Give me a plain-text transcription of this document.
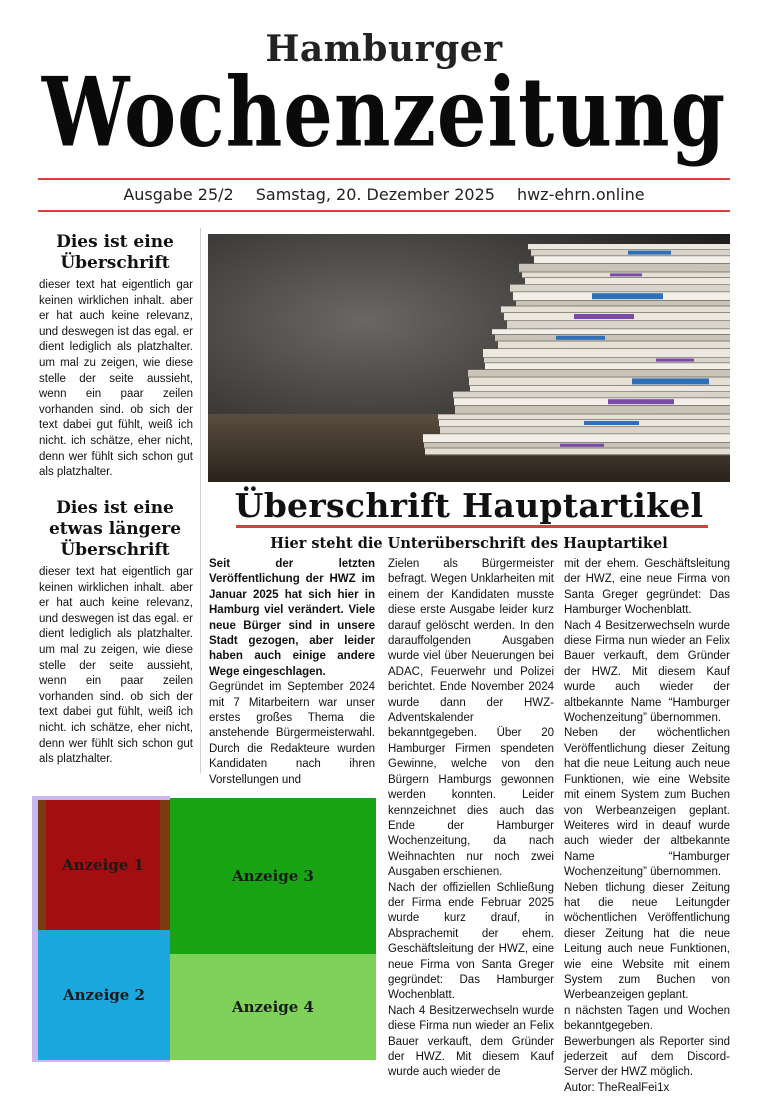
Hamburger
Wochenzeitung
Ausgabe 25/2 Samstag, 20. Dezember 2025 hwz-ehrn.online
Dies ist eine Überschrift
dieser text hat eigentlich gar keinen wirklichen inhalt. aber er hat auch keine relevanz, und deswegen ist das egal. er dient lediglich als platzhalter. um mal zu zeigen, wie diese stelle der seite aussieht, wenn ein paar zeilen vorhanden sind. ob sich der text dabei gut fühlt, weiß ich nicht. ich schätze, eher nicht, denn wer fühlt sich schon gut als platzhalter.
Dies ist eine etwas längere Überschrift
dieser text hat eigentlich gar keinen wirklichen inhalt. aber er hat auch keine relevanz, und deswegen ist das egal. er dient lediglich als platzhalter. um mal zu zeigen, wie diese stelle der seite aussieht, wenn ein paar zeilen vorhanden sind. ob sich der text dabei gut fühlt, weiß ich nicht. ich schätze, eher nicht, denn wer fühlt sich schon gut als platzhalter.
Überschrift Hauptartikel
Hier steht die Unterüberschrift des Hauptartikel

Seit der letzten Veröffentlichung der HWZ im Januar 2025 hat sich hier in Hamburg viel verändert. Viele neue Bürger sind in unsere Stadt gezogen, aber leider haben auch einige andere Wege eingeschlagen.

Gegründet im September 2024 mit 7 Mitarbeitern war unser erstes großes Thema die anstehende Bürgermeisterwahl. Durch die Redakteure wurden Kandidaten nach ihren Vorstellungen und

Zielen als Bürgermeister befragt. Wegen Unklarheiten mit einem der Kandidaten musste diese erste Ausgabe leider kurz darauf gelöscht werden. In den darauffolgenden Ausgaben wurde viel über Neuerungen bei ADAC, Feuerwehr und Polizei berichtet. Ende November 2024 wurde dann der HWZ-Adventskalender bekanntgegeben. Über 20 Hamburger Firmen spendeten Gewinne, welche von den Bürgern Hamburgs gewonnen werden konnten. Leider kennzeichnet dies auch das Ende der Hamburger Wochenzeitung, da nach Weihnachten nur noch zwei Ausgaben erschienen.

Nach der offiziellen Schließung der Firma ende Februar 2025 wurde kurz drauf, in Absprachemit der ehem. Geschäftsleitung der HWZ, eine neue Firma von Santa Greger gegründet: Das Hamburger Wochenblatt.

Nach 4 Besitzerwechseln wurde diese Firma nun wieder an Felix Bauer verkauft, dem Gründer der HWZ. Mit diesem Kauf wurde auch wieder de

mit der ehem. Geschäftsleitung der HWZ, eine neue Firma von Santa Greger gegründet: Das Hamburger Wochenblatt.

Nach 4 Besitzerwechseln wurde diese Firma nun wieder an Felix Bauer verkauft, dem Gründer der HWZ. Mit diesem Kauf wurde auch wieder der altbekannte Name “Hamburger Wochenzeitung” übernommen.

Neben der wöchentlichen Veröffentlichung dieser Zeitung hat die neue Leitung auch neue Funktionen, wie eine Website mit einem System zum Buchen von Werbeanzeigen geplant. Weiteres wird in deauf wurde auch wieder der altbekannte Name “Hamburger Wochenzeitung” übernommen.

Neben tlichung dieser Zeitung hat die neue Leitungder wöchentlichen Veröffentlichung dieser Zeitung hat die neue Leitung auch neue Funktionen, wie eine Website mit einem System zum Buchen von Werbeanzeigen geplant.

n nächsten Tagen und Wochen bekanntgegeben.

Bewerbungen als Reporter sind jederzeit auf dem Discord-Server der HWZ möglich.

Autor: TheRealFei1x

Anzeige 1
Anzeige 2
Anzeige 3
Anzeige 4
